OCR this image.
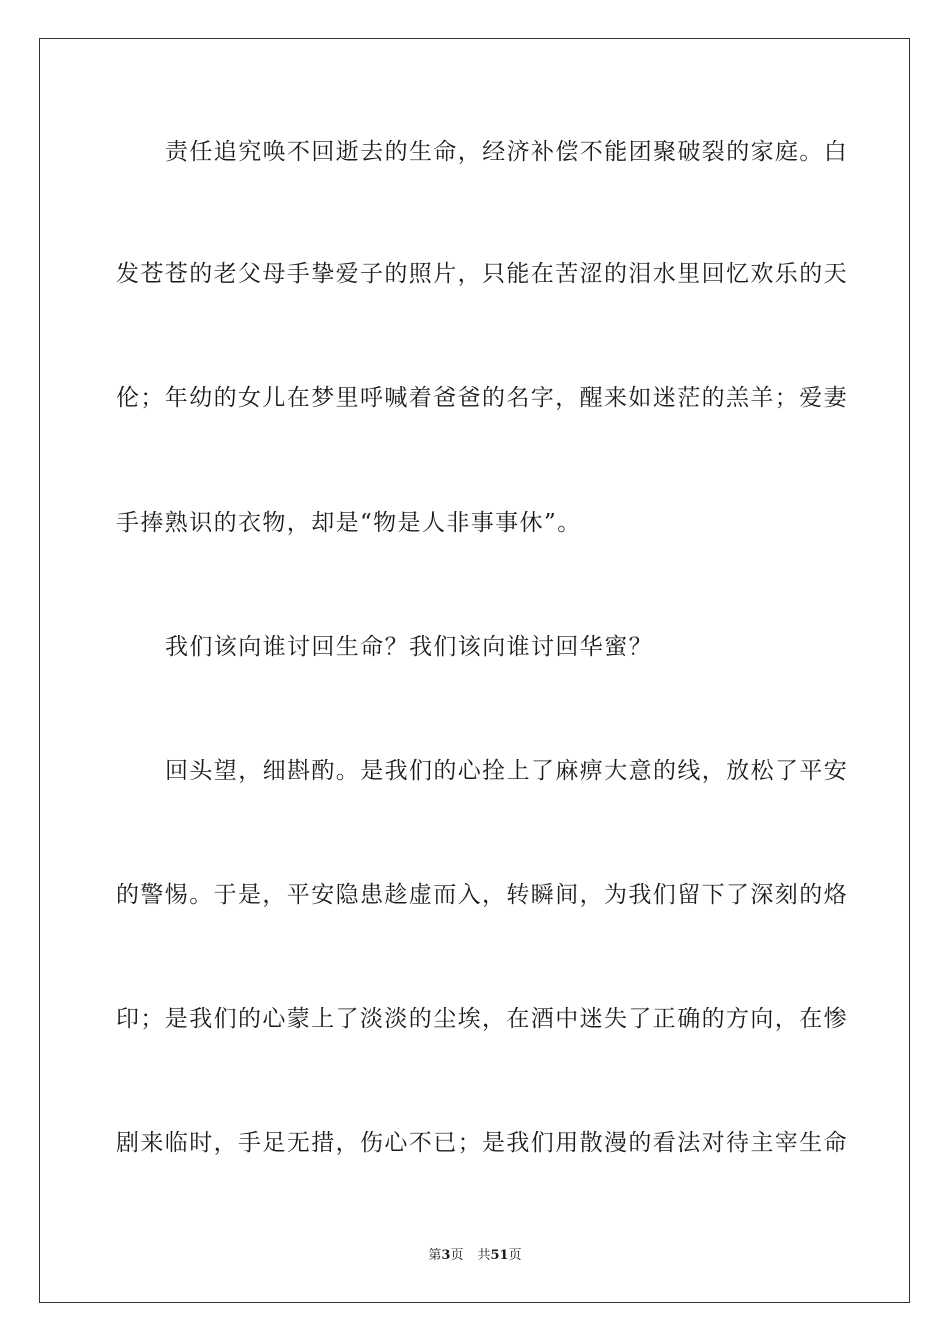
责任追究唤不回逝去的生命，经济补偿不能团聚破裂的家庭。白
发苍苍的老父母手挚爱子的照片，只能在苦涩的泪水里回忆欢乐的天
伦；年幼的女儿在梦里呼喊着爸爸的名字，醒来如迷茫的羔羊；爱妻
手捧熟识的衣物，却是“物是人非事事休”。
我们该向谁讨回生命？我们该向谁讨回华蜜？
回头望，细斟酌。是我们的心拴上了麻痹大意的线，放松了平安
的警惕。于是，平安隐患趁虚而入，转瞬间，为我们留下了深刻的烙
印；是我们的心蒙上了淡淡的尘埃，在酒中迷失了正确的方向，在惨
剧来临时，手足无措，伤心不已；是我们用散漫的看法对待主宰生命
第3页 共51页
